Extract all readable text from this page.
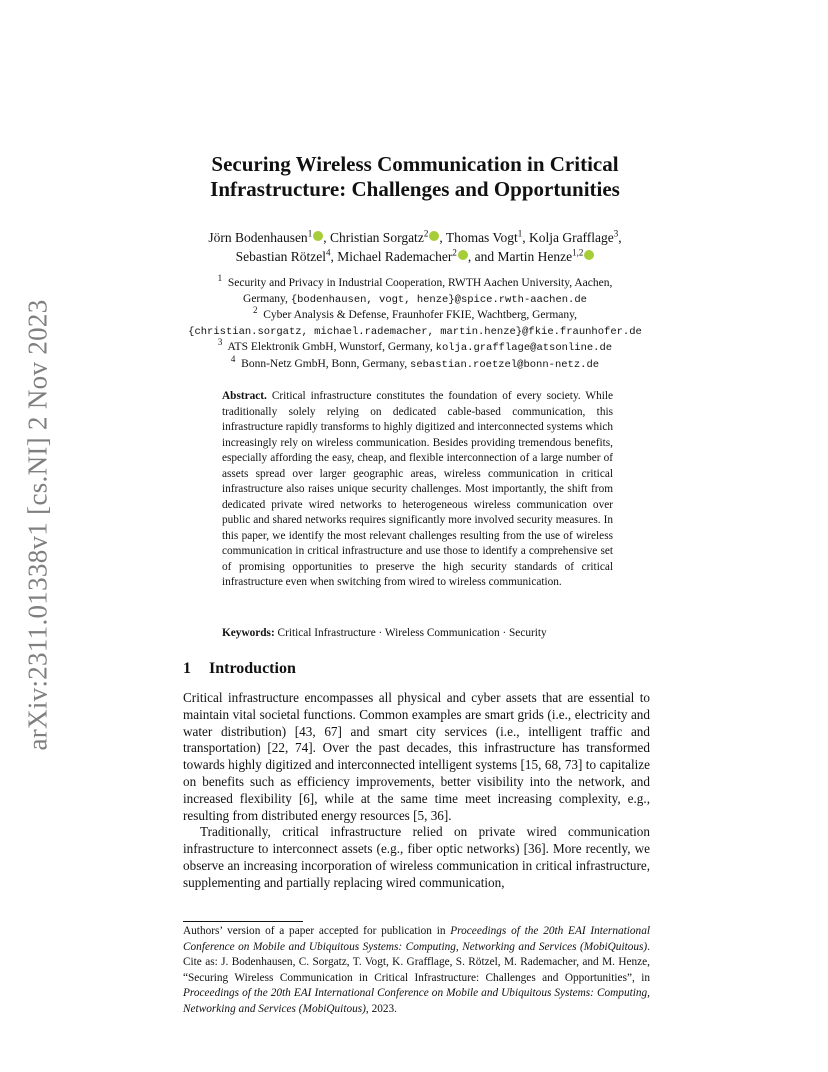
arXiv:2311.01338v1 [cs.NI] 2 Nov 2023
Securing Wireless Communication in Critical
Infrastructure: Challenges and Opportunities
Jörn Bodenhausen$^1$ , Christian Sorgatz$^2$ , Thomas Vogt$^1$, Kolja Grafflage$^3$,
Sebastian Rötzel$^4$, Michael Rademacher$^2$ , and Martin Henze$^{1,2}$
$^1$ Security and Privacy in Industrial Cooperation, RWTH Aachen University, Aachen,
Germany, {bodenhausen, vogt, henze}@spice.rwth-aachen.de
$^2$ Cyber Analysis & Defense, Fraunhofer FKIE, Wachtberg, Germany,
{christian.sorgatz, michael.rademacher, martin.henze}@fkie.fraunhofer.de
$^3$ ATS Elektronik GmbH, Wunstorf, Germany, kolja.grafflage@atsonline.de
$^4$ Bonn-Netz GmbH, Bonn, Germany, sebastian.roetzel@bonn-netz.de
Abstract. Critical infrastructure constitutes the foundation of every society. While traditionally solely relying on dedicated cable-based communication, this infrastructure rapidly transforms to highly digitized and interconnected systems which increasingly rely on wireless communication. Besides providing tremendous benefits, especially affording the easy, cheap, and flexible interconnection of a large number of assets spread over larger geographic areas, wireless communication in critical infrastructure also raises unique security challenges. Most importantly, the shift from dedicated private wired networks to heterogeneous wireless communication over public and shared networks requires significantly more involved security measures. In this paper, we identify the most relevant challenges resulting from the use of wireless communication in critical infrastructure and use those to identify a comprehensive set of promising opportunities to preserve the high security standards of critical infrastructure even when switching from wired to wireless communication.
Keywords: Critical Infrastructure · Wireless Communication · Security
1 Introduction

Critical infrastructure encompasses all physical and cyber assets that are essential to maintain vital societal functions. Common examples are smart grids (i.e., electricity and water distribution) [43, 67] and smart city services (i.e., intelligent traffic and transportation) [22, 74]. Over the past decades, this infrastructure has transformed towards highly digitized and interconnected intelligent systems [15, 68, 73] to capitalize on benefits such as efficiency improvements, better visibility into the network, and increased flexibility [6], while at the same time meet increasing complexity, e.g., resulting from distributed energy resources [5, 36].

Traditionally, critical infrastructure relied on private wired communication infrastructure to interconnect assets (e.g., fiber optic networks) [36]. More recently, we observe an increasing incorporation of wireless communication in critical infrastructure, supplementing and partially replacing wired communication,

Authors’ version of a paper accepted for publication in Proceedings of the 20th EAI International Conference on Mobile and Ubiquitous Systems: Computing, Networking and Services (MobiQuitous). Cite as: J. Bodenhausen, C. Sorgatz, T. Vogt, K. Grafflage, S. Rötzel, M. Rademacher, and M. Henze, “Securing Wireless Communication in Critical Infrastructure: Challenges and Opportunities”, in Proceedings of the 20th EAI International Conference on Mobile and Ubiquitous Systems: Computing, Networking and Services (MobiQuitous), 2023.
